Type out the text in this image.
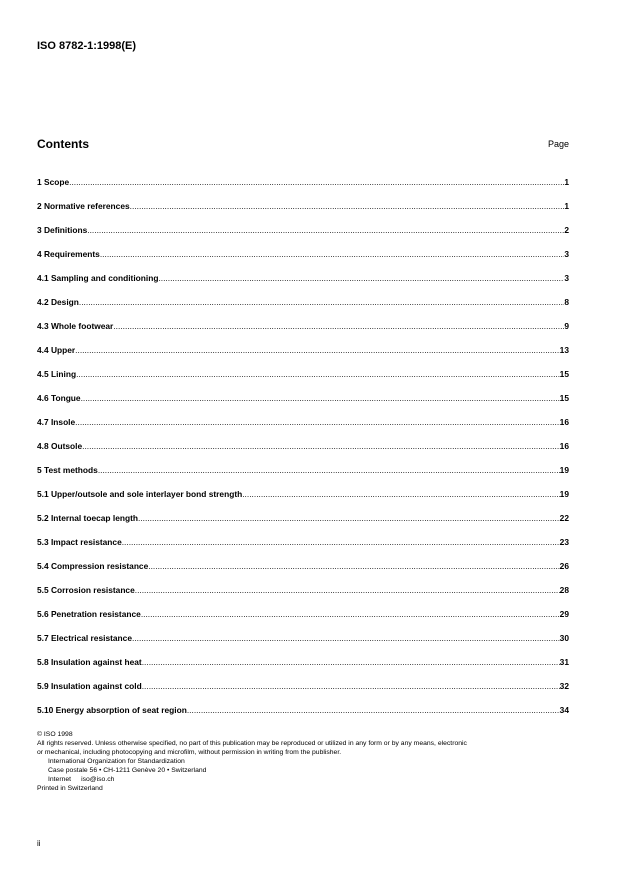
ISO 8782-1:1998(E)
Contents	Page
1 Scope .....	1
2 Normative references .....	1
3 Definitions .....	2
4 Requirements .....	3
4.1 Sampling and conditioning .....	3
4.2 Design .....	8
4.3 Whole footwear .....	9
4.4 Upper .....	13
4.5 Lining .....	15
4.6 Tongue .....	15
4.7 Insole .....	16
4.8 Outsole .....	16
5 Test methods .....	19
5.1 Upper/outsole and sole interlayer bond strength .....	19
5.2 Internal toecap length .....	22
5.3 Impact resistance .....	23
5.4 Compression resistance .....	26
5.5 Corrosion resistance .....	28
5.6 Penetration resistance .....	29
5.7 Electrical resistance .....	30
5.8 Insulation against heat .....	31
5.9 Insulation against cold .....	32
5.10 Energy absorption of seat region .....	34
© ISO 1998
All rights reserved. Unless otherwise specified, no part of this publication may be reproduced or utilized in any form or by any means, electronic
or mechanical, including photocopying and microfilm, without permission in writing from the publisher.
International Organization for Standardization
Case postale 56 • CH-1211 Genève 20 • Switzerland
Internet iso@iso.ch
Printed in Switzerland
ii
